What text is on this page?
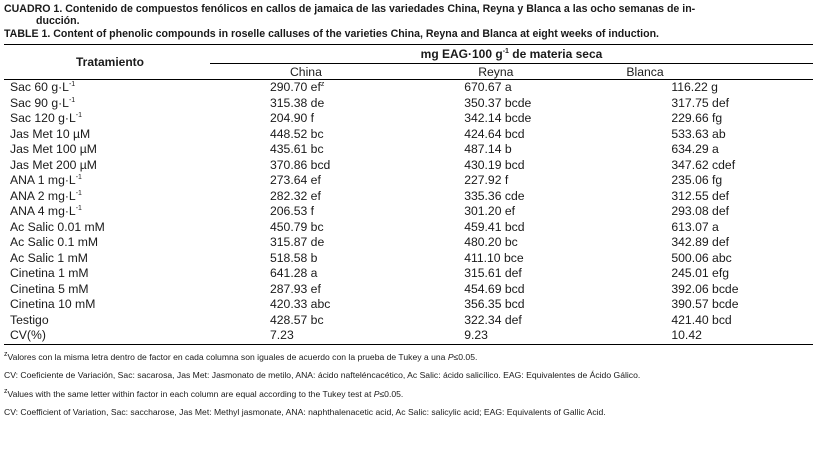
CUADRO 1. Contenido de compuestos fenólicos en callos de jamaica de las variedades China, Reyna y Blanca a las ocho semanas de in-
ducción.
TABLE 1. Content of phenolic compounds in roselle calluses of the varieties China, Reyna and Blanca at eight weeks of induction.
Tratamiento	mg EAG·100 $g^{-1}$ de materia seca		
	China	Reyna	Blanca
Sac 60 $g\cdot L^{-1}$	290.70 $ef^z$	670.67 a	116.22 g
Sac 90 $g\cdot L^{-1}$	315.38 de	350.37 bcde	317.75 def
Sac 120 $g\cdot L^{-1}$	204.90 f	342.14 bcde	229.66 fg
Jas Met 10 µM	448.52 bc	424.64 bcd	533.63 ab
Jas Met 100 µM	435.61 bc	487.14 b	634.29 a
Jas Met 200 µM	370.86 bcd	430.19 bcd	347.62 cdef
ANA 1 $mg\cdot L^{-1}$	273.64 ef	227.92 f	235.06 fg
ANA 2 $mg\cdot L^{-1}$	282.32 ef	335.36 cde	312.55 def
ANA 4 $mg\cdot L^{-1}$	206.53 f	301.20 ef	293.08 def
Ac Salic 0.01 mM	450.79 bc	459.41 bcd	613.07 a
Ac Salic 0.1 mM	315.87 de	480.20 bc	342.89 def
Ac Salic 1 mM	518.58 b	411.10 bce	500.06 abc
Cinetina 1 mM	641.28 a	315.61 def	245.01 efg
Cinetina 5 mM	287.93 ef	454.69 bcd	392.06 bcde
Cinetina 10 mM	420.33 abc	356.35 bcd	390.57 bcde
Testigo	428.57 bc	322.34 def	421.40 bcd
CV(%)	7.23	9.23	10.42

$^z$Valores con la misma letra dentro de factor en cada columna son iguales de acuerdo con la prueba de Tukey a una P≤0.05.

CV: Coeficiente de Variación, Sac: sacarosa, Jas Met: Jasmonato de metilo, ANA: ácido nafteléncacético, Ac Salic: ácido salicílico. EAG: Equivalentes de Ácido Gálico.

$^z$Values with the same letter within factor in each column are equal according to the Tukey test at P≤0.05.

CV: Coefficient of Variation, Sac: saccharose, Jas Met: Methyl jasmonate, ANA: naphthalenacetic acid, Ac Salic: salicylic acid; EAG: Equivalents of Gallic Acid.
